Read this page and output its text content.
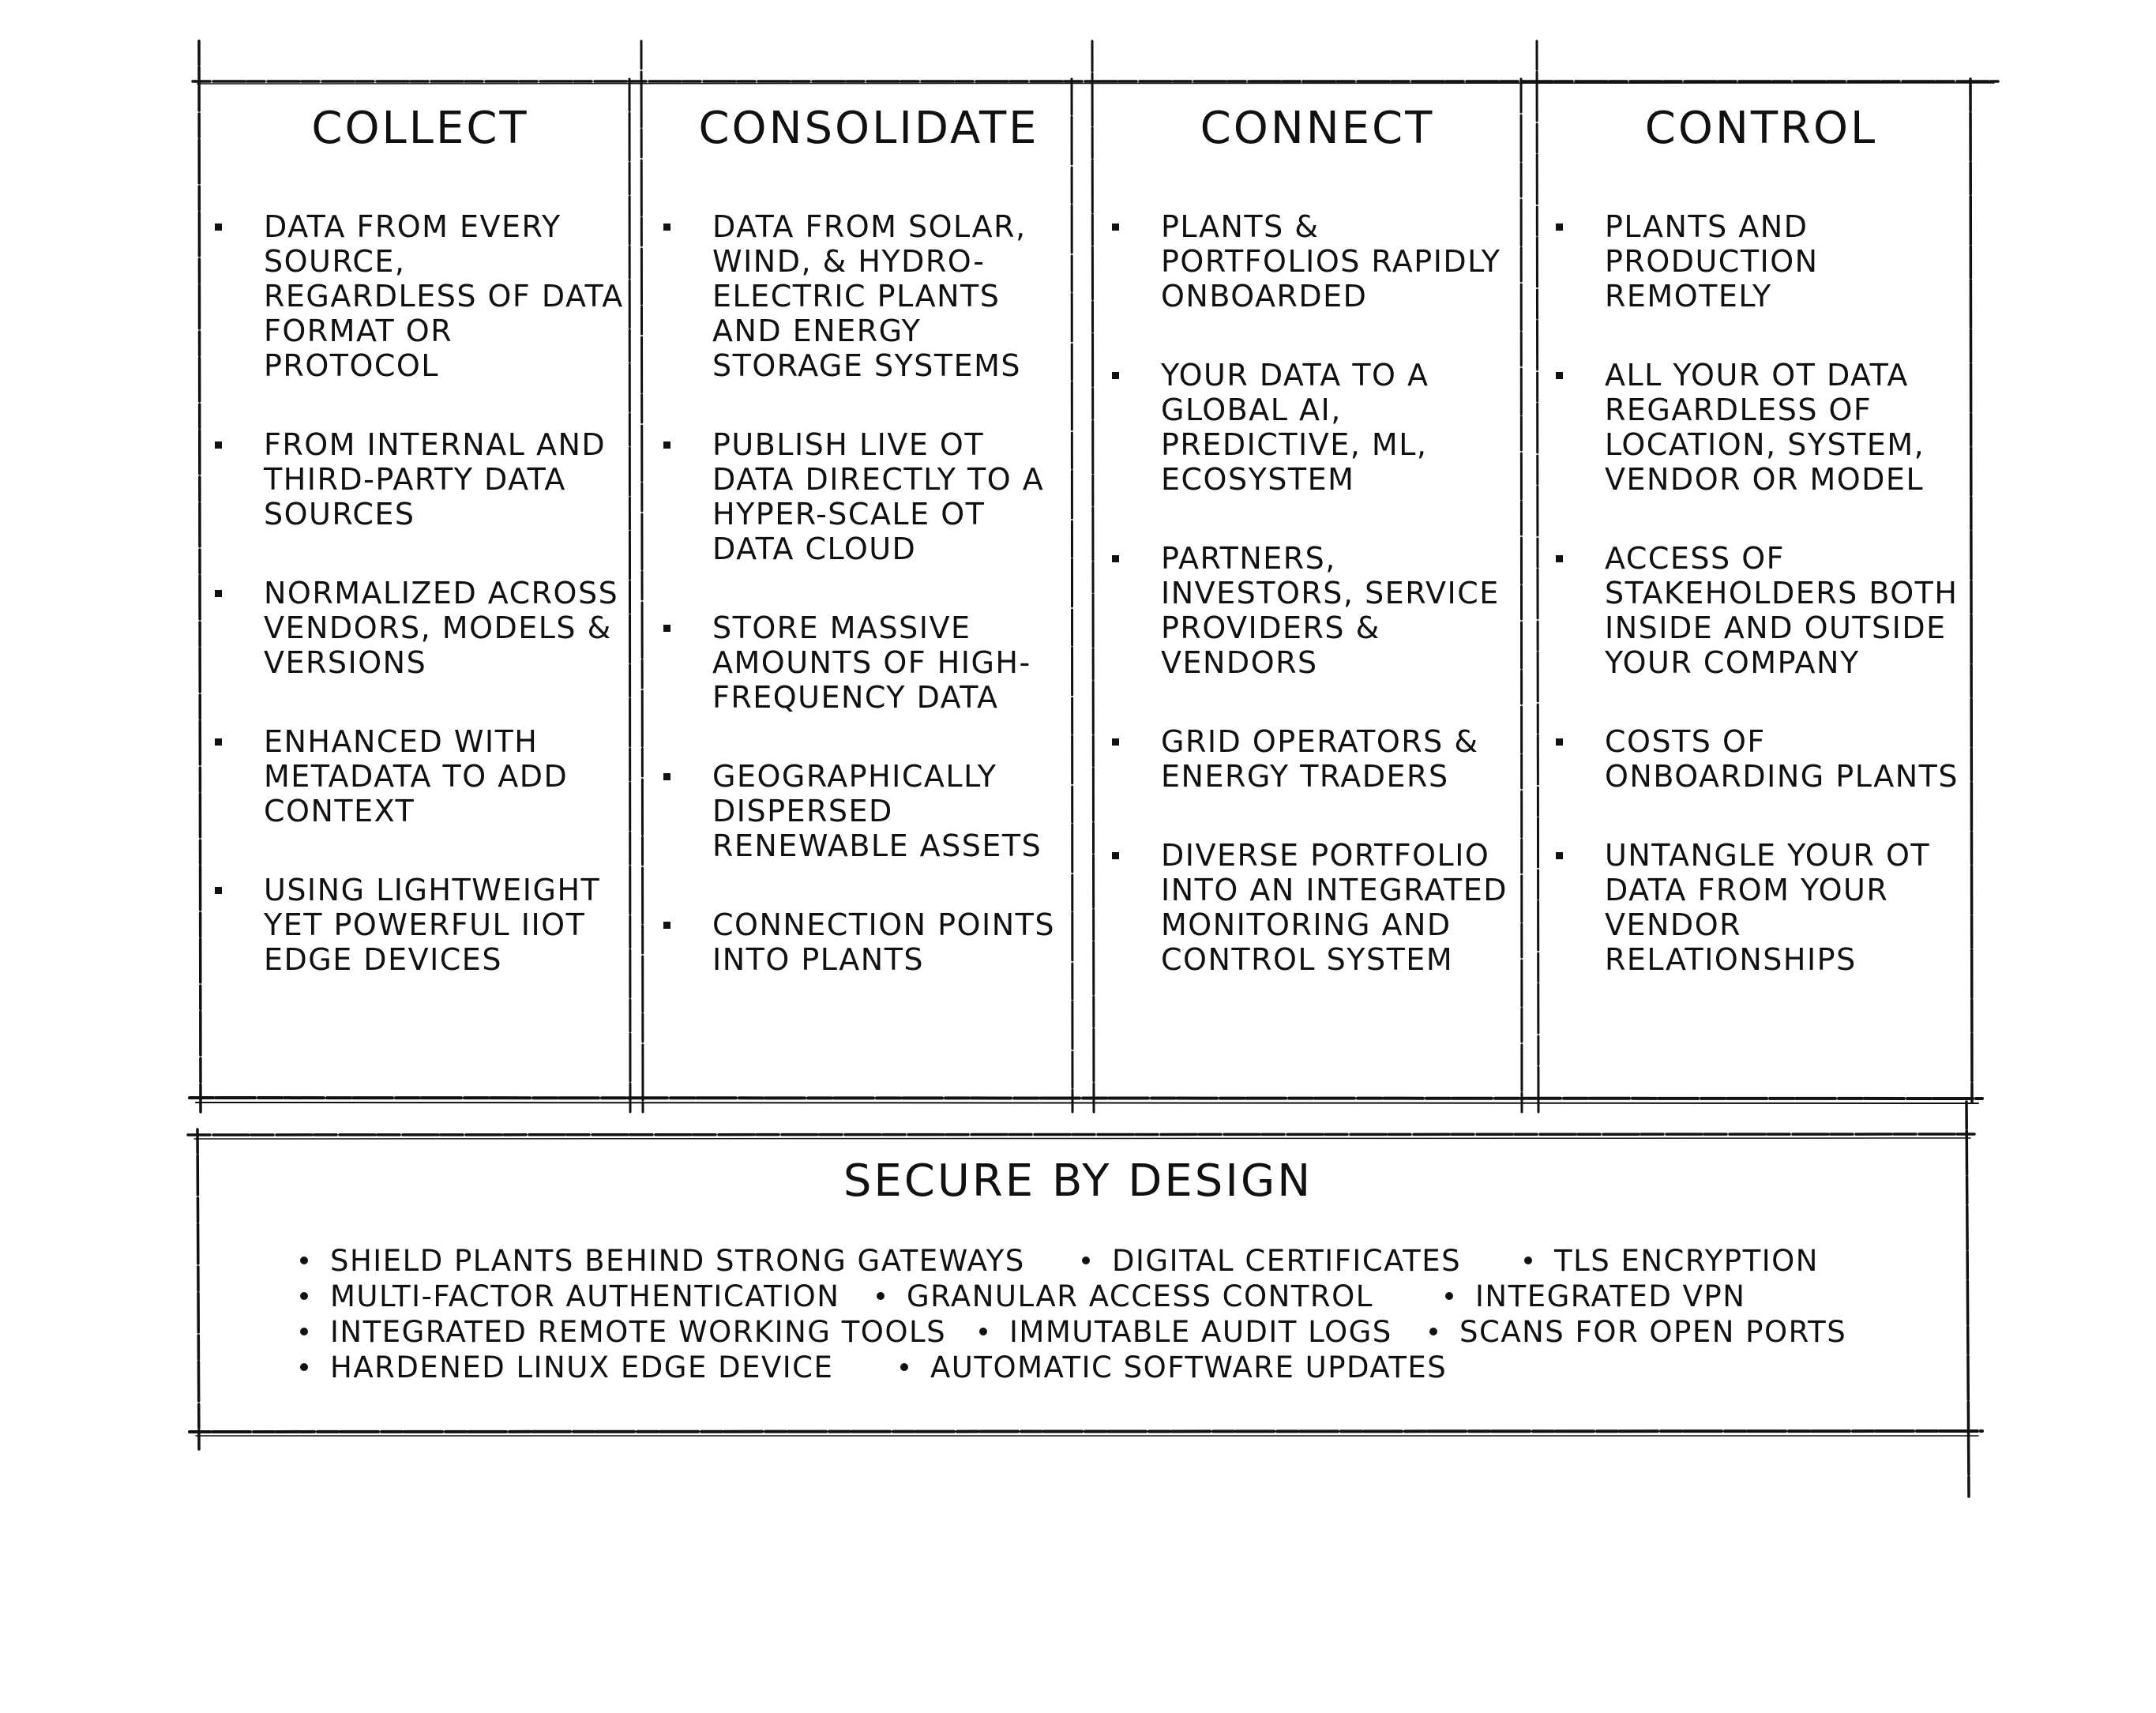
COLLECT
DATA FROM EVERY SOURCE, REGARDLESS OF DATA FORMAT OR PROTOCOL
FROM INTERNAL AND THIRD-PARTY DATA SOURCES
NORMALIZED ACROSS VENDORS, MODELS & VERSIONS
ENHANCED WITH METADATA TO ADD CONTEXT
USING LIGHTWEIGHT YET POWERFUL IIOT EDGE DEVICES
CONSOLIDATE
DATA FROM SOLAR, WIND, & HYDRO-ELECTRIC PLANTS AND ENERGY STORAGE SYSTEMS
PUBLISH LIVE OT DATA DIRECTLY TO A HYPER-SCALE OT DATA CLOUD
STORE MASSIVE AMOUNTS OF HIGH-FREQUENCY DATA
GEOGRAPHICALLY DISPERSED RENEWABLE ASSETS
CONNECTION POINTS INTO PLANTS
CONNECT
PLANTS & PORTFOLIOS RAPIDLY ONBOARDED
YOUR DATA TO A GLOBAL AI, PREDICTIVE, ML, ECOSYSTEM
PARTNERS, INVESTORS, SERVICE PROVIDERS & VENDORS
GRID OPERATORS & ENERGY TRADERS
DIVERSE PORTFOLIO INTO AN INTEGRATED MONITORING AND CONTROL SYSTEM
CONTROL
PLANTS AND PRODUCTION REMOTELY
ALL YOUR OT DATA REGARDLESS OF LOCATION, SYSTEM, VENDOR OR MODEL
ACCESS OF STAKEHOLDERS BOTH INSIDE AND OUTSIDE YOUR COMPANY
COSTS OF ONBOARDING PLANTS
UNTANGLE YOUR OT DATA FROM YOUR VENDOR RELATIONSHIPS
SECURE BY DESIGN
SHIELD PLANTS BEHIND STRONG GATEWAYS	DIGITAL CERTIFICATES	TLS ENCRYPTION
MULTI-FACTOR AUTHENTICATION	GRANULAR ACCESS CONTROL	INTEGRATED VPN
INTEGRATED REMOTE WORKING TOOLS	IMMUTABLE AUDIT LOGS	SCANS FOR OPEN PORTS
HARDENED LINUX EDGE DEVICE	AUTOMATIC SOFTWARE UPDATES
